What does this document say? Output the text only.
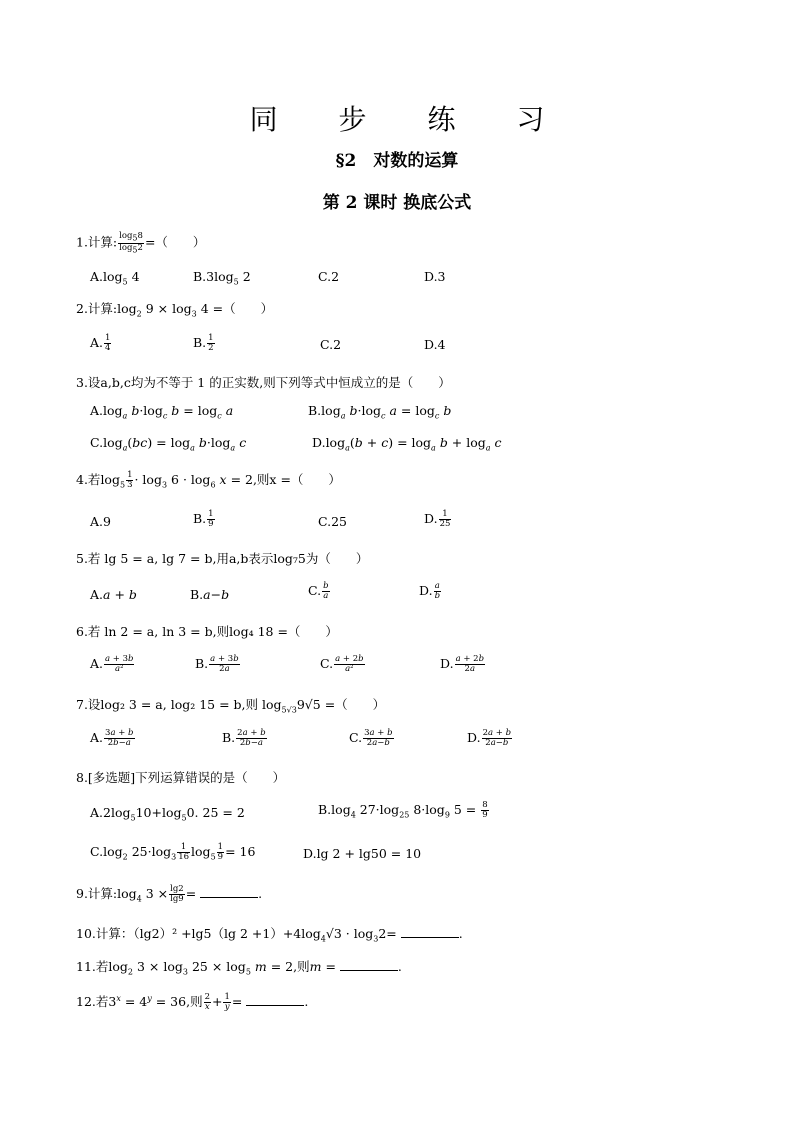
同 步 练 习
§2　对数的运算
第 2 课时 换底公式
1.计算: $\frac{\log_58}{\log_52}$ =（　　）
$A.\log_5$ 4	$B.3\log_5$ 2	C.2	D.3
2.计算$:\log_2$ $9 \times \log_3 4$ =（　　）
A. $\frac{1}{4}$	B. $\frac{1}{2}$	C.2	D.4
3.设a,b,c均为不等于 1 的正实数,则下列等式中恒成立的是（　　）
$A.\log_a$ $b\cdot\log_c$ $b = \log_c a$	$B.\log_a$ $b\cdot\log_c$ $a = \log_c b$
$C.\log_a(bc) = \log_a b\cdot\log_a$ c	$D.\log_a(b + c) = \log_a b + \log_a c$
4.若$\log_5 \frac{1}{3} \cdot \log_3 6 \cdot \log_6 x = 2$,则x =（　　）
A.9	B. $\frac{1}{9}$	C.25	D. $\frac{1}{25}$
5.若 lg 5 = a, lg 7 = b,用a,b表示log₇5为（　　）
A.a + b	B.a−b	C. $\frac{b}{a}$	D. $\frac{a}{b}$
6.若 ln 2 = a, ln 3 = b,则log₄ 18 =（　　）
A. $\frac{a + 3b}{\text{a²}}$	B. $\frac{a + 3b}{2a}$	C. $\frac{a + 2b}{\text{a²}}$	D. $\frac{a + 2b}{2a}$
7.设log₂ 3 = a, log₂ 15 = b,则 $\log_{5√3}9√5$ =（　　）
A. $\frac{3a + b}{2b-a}$	B. $\frac{2a + b}{2b-a}$	C. $\frac{3a + b}{2a-b}$	D. $\frac{2a + b}{2a-b}$
8.[多选题]下列运算错误的是（　　）
$A.2\log_510+\log_50$. 25 = 2	$B.\log_4$ $27\cdot\log_{25}$ $8\cdot\log_9$ $5 = \frac{8}{9}$
$C.\log_2$ $25\cdot\log_3 \frac{1}{16} \log_5 \frac{1}{9} = 16$	D.lg 2 + lg50 = 10
9.计算$:\log_4$ $3 \times \frac{\lg 2}{\lg 9}$ =	.
10.计算：（lg2）² +lg5（lg $2 +1)+4\log_4√3 \cdot \log_32=$	.
11.若$\log_2 3 \times \log_3 25 \times \log_5 m = 2$,则m =	.
12.若$3^x = 4^y = 36$,则 $\frac{2}{x} + \frac{1}{y}$ =	.
